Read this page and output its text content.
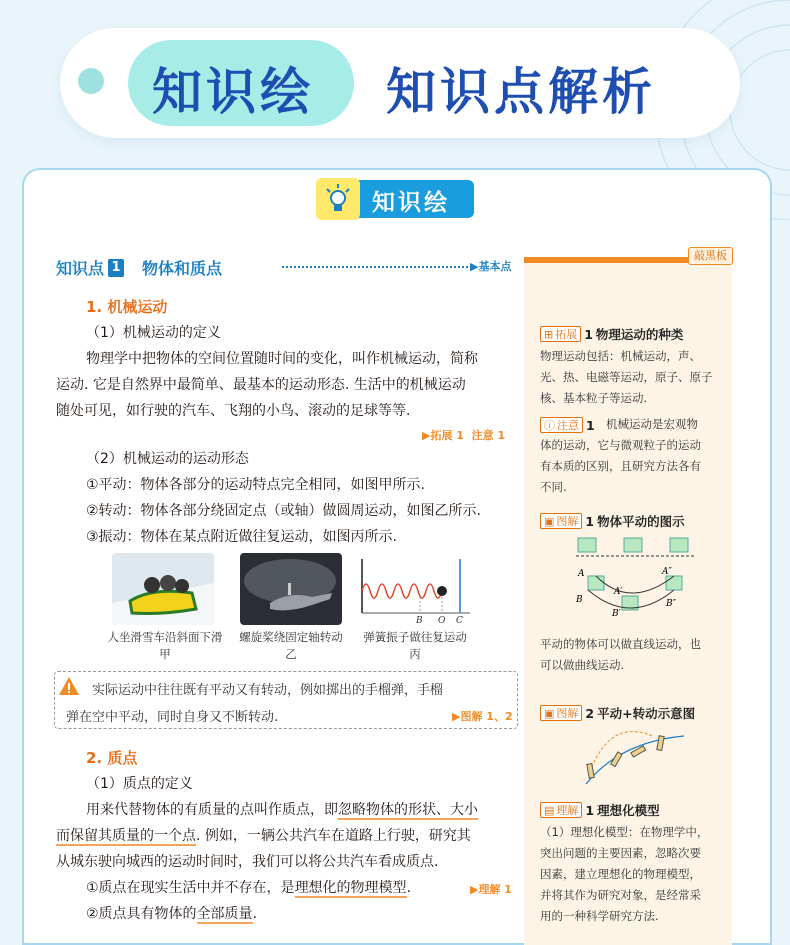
知识绘 知识点解析
知识绘
知识点 1 物体和质点	▶基本点
敲黑板
1. 机械运动
（1）机械运动的定义
物理学中把物体的空间位置随时间的变化，叫作机械运动，简称
运动. 它是自然界中最简单、最基本的运动形态. 生活中的机械运动
随处可见，如行驶的汽车、飞翔的小鸟、滚动的足球等等.
▶拓展 1 注意 1
（2）机械运动的运动形态
①平动：物体各部分的运动特点完全相同，如图甲所示.
②转动：物体各部分绕固定点（或轴）做圆周运动，如图乙所示.
③振动：物体在某点附近做往复运动，如图丙所示.
B O C
人坐滑雪车沿斜面下滑
甲
螺旋桨绕固定轴转动
乙
弹簧振子做往复运动
丙
实际运动中往往既有平动又有转动，例如掷出的手榴弹，手榴
弹在空中平动，同时自身又不断转动.	▶图解 1、2
2. 质点
（1）质点的定义
用来代替物体的有质量的点叫作质点，即忽略物体的形状、大小
而保留其质量的一个点. 例如，一辆公共汽车在道路上行驶，研究其
从城东驶向城西的运动时间时，我们可以将公共汽车看成质点.
①质点在现实生活中并不存在，是理想化的物理模型.	▶理解 1
②质点具有物体的全部质量.
⊞ 拓展 1 物理运动的种类
物理运动包括：机械运动，声、
光、热、电磁等运动，原子、原子
核、基本粒子等运动.
ⓘ 注意 1 机械运动是宏观物
体的运动，它与微观粒子的运动
有本质的区别，且研究方法各有
不同.
▣ 图解 1 物体平动的图示
A
B
A′
B′
A″
B″
平动的物体可以做直线运动，也
可以做曲线运动.
▣ 图解 2 平动+转动示意图
▤ 理解 1 理想化模型
（1）理想化模型：在物理学中，
突出问题的主要因素，忽略次要
因素，建立理想化的物理模型，
并将其作为研究对象，是经常采
用的一种科学研究方法.
